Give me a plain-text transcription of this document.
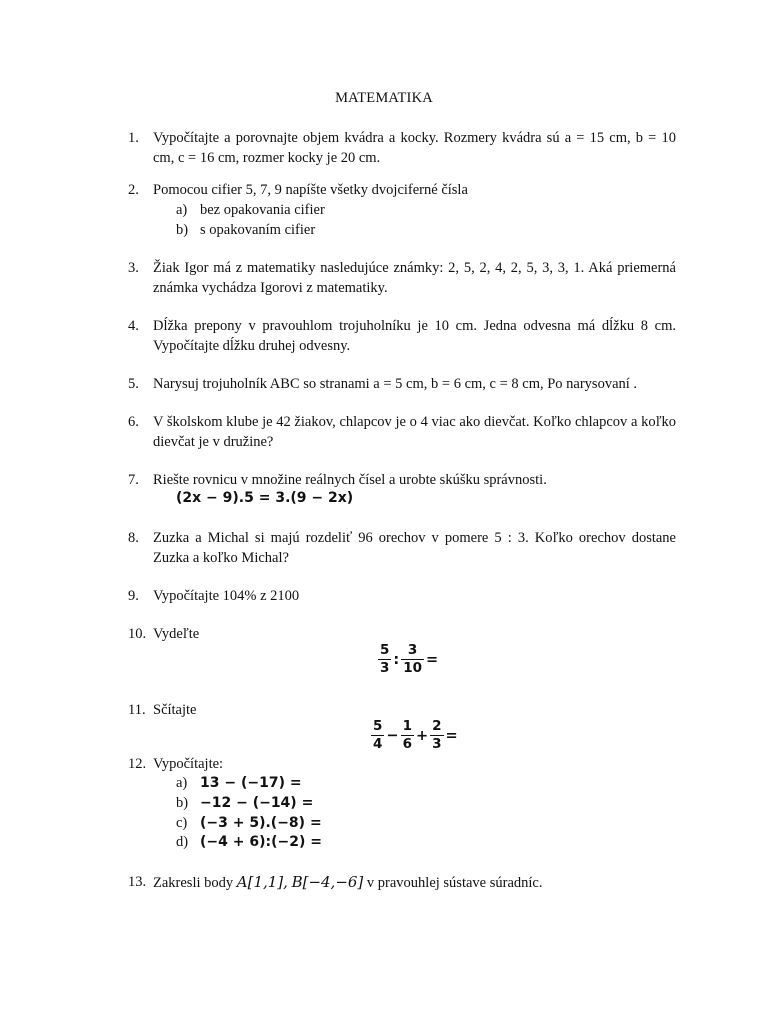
MATEMATIKA
1. Vypočítajte a porovnajte objem kvádra a kocky. Rozmery kvádra sú a = 15 cm, b = 10 cm, c = 16 cm, rozmer kocky je 20 cm.
2. Pomocou cifier 5, 7, 9 napíšte všetky dvojciferné čísla
a) bez opakovania cifier
b) s opakovaním cifier
3. Žiak Igor má z matematiky nasledujúce známky: 2, 5, 2, 4, 2, 5, 3, 3, 1. Aká priemerná známka vychádza Igorovi z matematiky.
4. Dĺžka prepony v pravouhlom trojuholníku je 10 cm. Jedna odvesna má dĺžku 8 cm. Vypočítajte dĺžku druhej odvesny.
5. Narysuj trojuholník ABC so stranami a = 5 cm, b = 6 cm, c = 8 cm, Po narysovaní .
6. V školskom klube je 42 žiakov, chlapcov je o 4 viac ako dievčat. Koľko chlapcov a koľko dievčat je v družine?
7. Riešte rovnicu v množine reálnych čísel a urobte skúšku správnosti.
(2x − 9).5 = 3.(9 − 2x)
8. Zuzka a Michal si majú rozdeliť 96 orechov v pomere 5 : 3. Koľko orechov dostane Zuzka a koľko Michal?
9. Vypočítajte 104% z 2100
10. Vydeľte
$\frac{5}{3}$ : $\frac{3}{10}$ =
11. Sčítajte
$\frac{5}{4} - \frac{1}{6} + \frac{2}{3}$ =
12. Vypočítajte:
a) 13 − (−17) =
b) −12 − (−14) =
c) (−3 + 5).(−8) =
d) (−4 + 6):(−2) =
13. Zakresli body A[1,1], B[−4,−6] v pravouhlej sústave súradníc.
